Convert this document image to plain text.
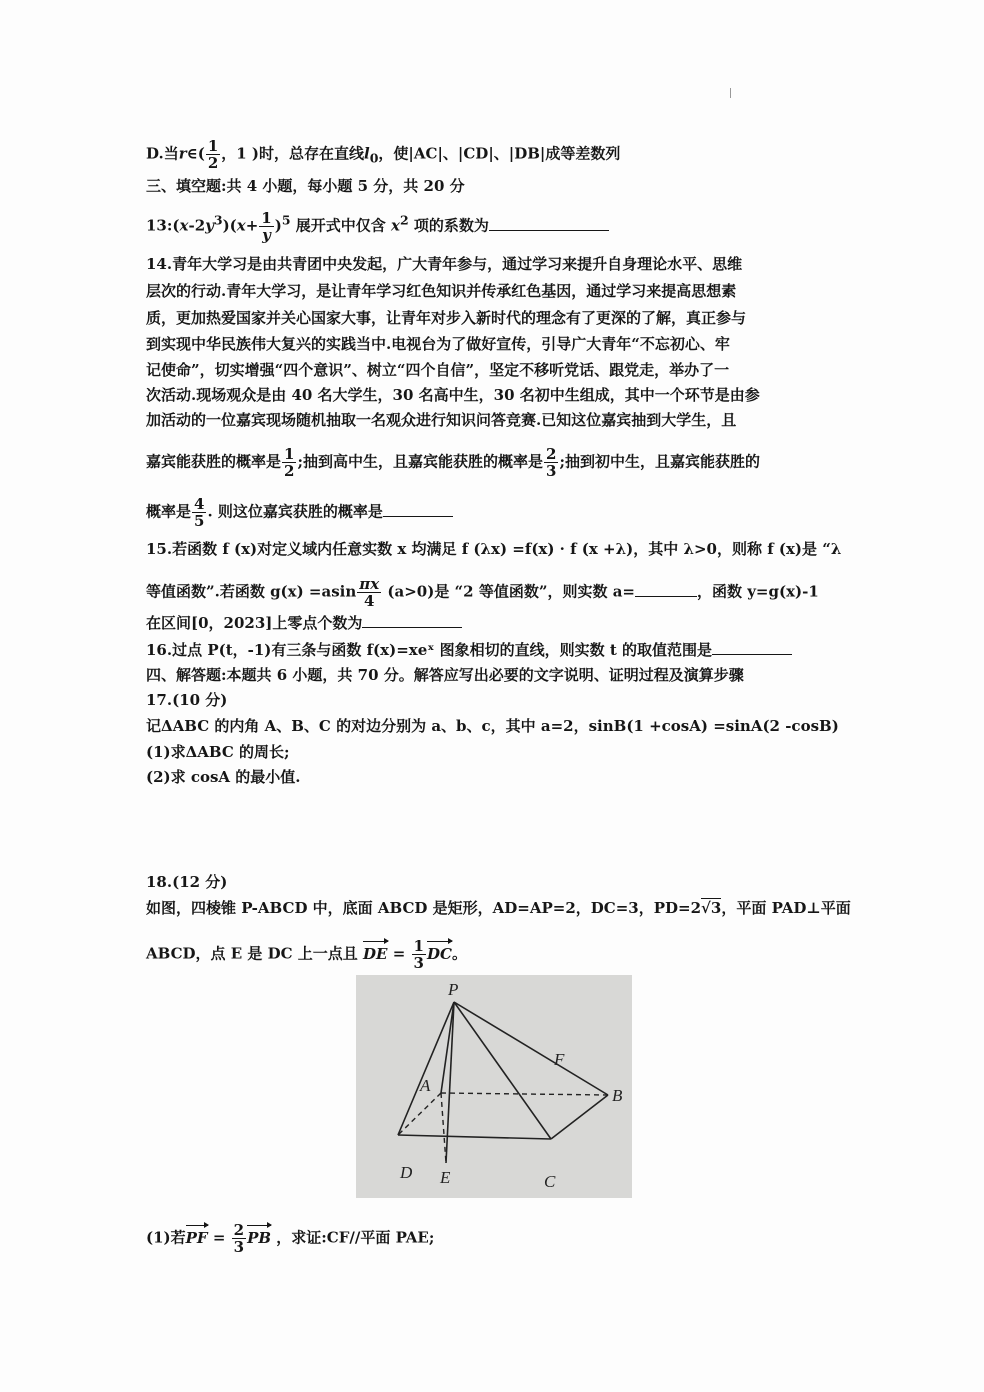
D.当r∈( $\frac{1}{2}$ ，1 )时，总存在直线$l_0$，使|AC|、|CD|、|DB|成等差数列
三、填空题:共 4 小题，每小题 5 分，共 20 分
$13:(x-2y^3)(x+ \frac{1}{y} )^5$ 展开式中仅含 $x^2$ 项的系数为
14.青年大学习是由共青团中央发起，广大青年参与，通过学习来提升自身理论水平、思维
层次的行动.青年大学习，是让青年学习红色知识并传承红色基因，通过学习来提高思想素
质，更加热爱国家并关心国家大事，让青年对步入新时代的理念有了更深的了解，真正参与
到实现中华民族伟大复兴的实践当中.电视台为了做好宣传，引导广大青年“不忘初心、牢
记使命”，切实增强“四个意识”、树立“四个自信”，坚定不移听党话、跟党走，举办了一
次活动.现场观众是由 40 名大学生，30 名高中生，30 名初中生组成，其中一个环节是由参
加活动的一位嘉宾现场随机抽取一名观众进行知识问答竞赛.已知这位嘉宾抽到大学生，且
嘉宾能获胜的概率是 $\frac{1}{2}$ ;抽到高中生，且嘉宾能获胜的概率是 $\frac{2}{3}$ ;抽到初中生，且嘉宾能获胜的
概率是 $\frac{4}{5}$ . 则这位嘉宾获胜的概率是
15.若函数 f (x)对定义域内任意实数 x 均满足 f (λx) =f(x) · f (x +λ)，其中 λ>0，则称 f (x)是 “λ
等值函数”.若函数 $g(x) =asin \frac{\pi x}{4} (a>0)$是 “2 等值函数”，则实数 a=	，函数 y=g(x)-1
在区间[0，2023]上零点个数为
16.过点 P(t，-1)有三条与函数 f(x)=xeˣ 图象相切的直线，则实数 t 的取值范围是
四、解答题:本题共 6 小题，共 70 分。解答应写出必要的文字说明、证明过程及演算步骤
17.(10 分)
记ΔABC 的内角 A、B、C 的对边分别为 a、b、c，其中 a=2，sinB(1 +cosA) =sinA(2 -cosB)
(1)求ΔABC 的周长;
(2)求 cosA 的最小值.
18.(12 分)
如图，四棱锥 P-ABCD 中，底面 ABCD 是矩形，AD=AP=2，DC=3，PD=2√3，平面 PAD⊥平面
ABCD，点 E 是 DC 上一点且 DE = $\frac{1}{3}$ DC。
P
A
B
C
D E
F
(1)若PF = $\frac{2}{3}$ PB ，求证:CF//平面 PAE;
